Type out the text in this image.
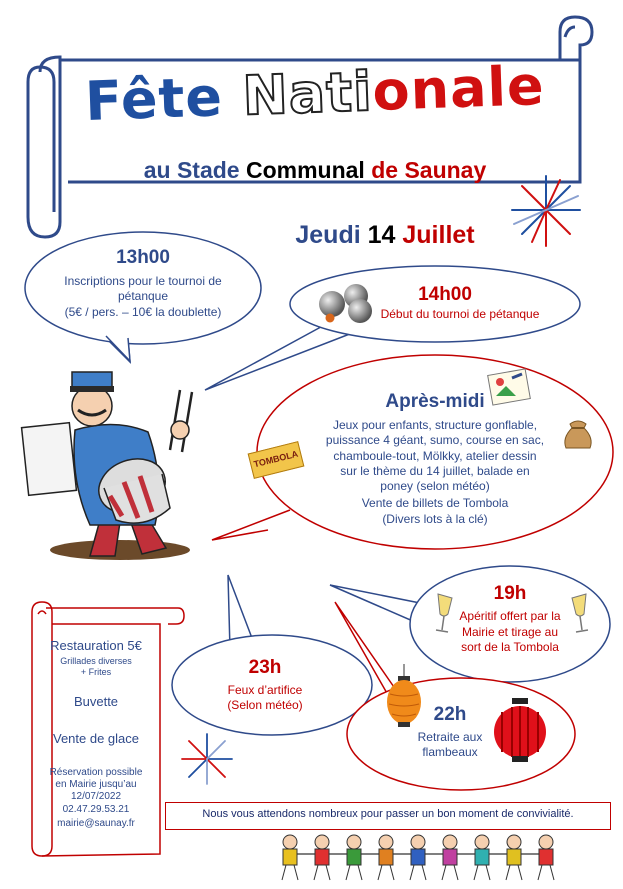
Fête Nationale
au Stade Communal de Saunay
Jeudi 14 Juillet
13h00
Inscriptions pour le tournoi de
pétanque
(5€ / pers. – 10€ la doublette)
14h00
Début du tournoi de pétanque
TOMBOLA
Après-midi
Jeux pour enfants, structure gonflable,
puissance 4 géant, sumo, course en sac,
chamboule-tout, Mölkky, atelier dessin
sur le thème du 14 juillet, balade en
poney (selon météo)
Vente de billets de Tombola
(Divers lots à la clé)
19h
Apéritif offert par la
Mairie et tirage au
sort de la Tombola
23h
Feux d’artifice
(Selon météo)	22h
Retraite aux
flambeaux
Restauration 5€
Grillades diverses
+ Frites
Buvette
Vente de glace
Réservation possible
en Mairie jusqu’au
12/07/2022
02.47.29.53.21
mairie@saunay.fr
Nous vous attendons nombreux pour passer un bon moment de convivialité.
